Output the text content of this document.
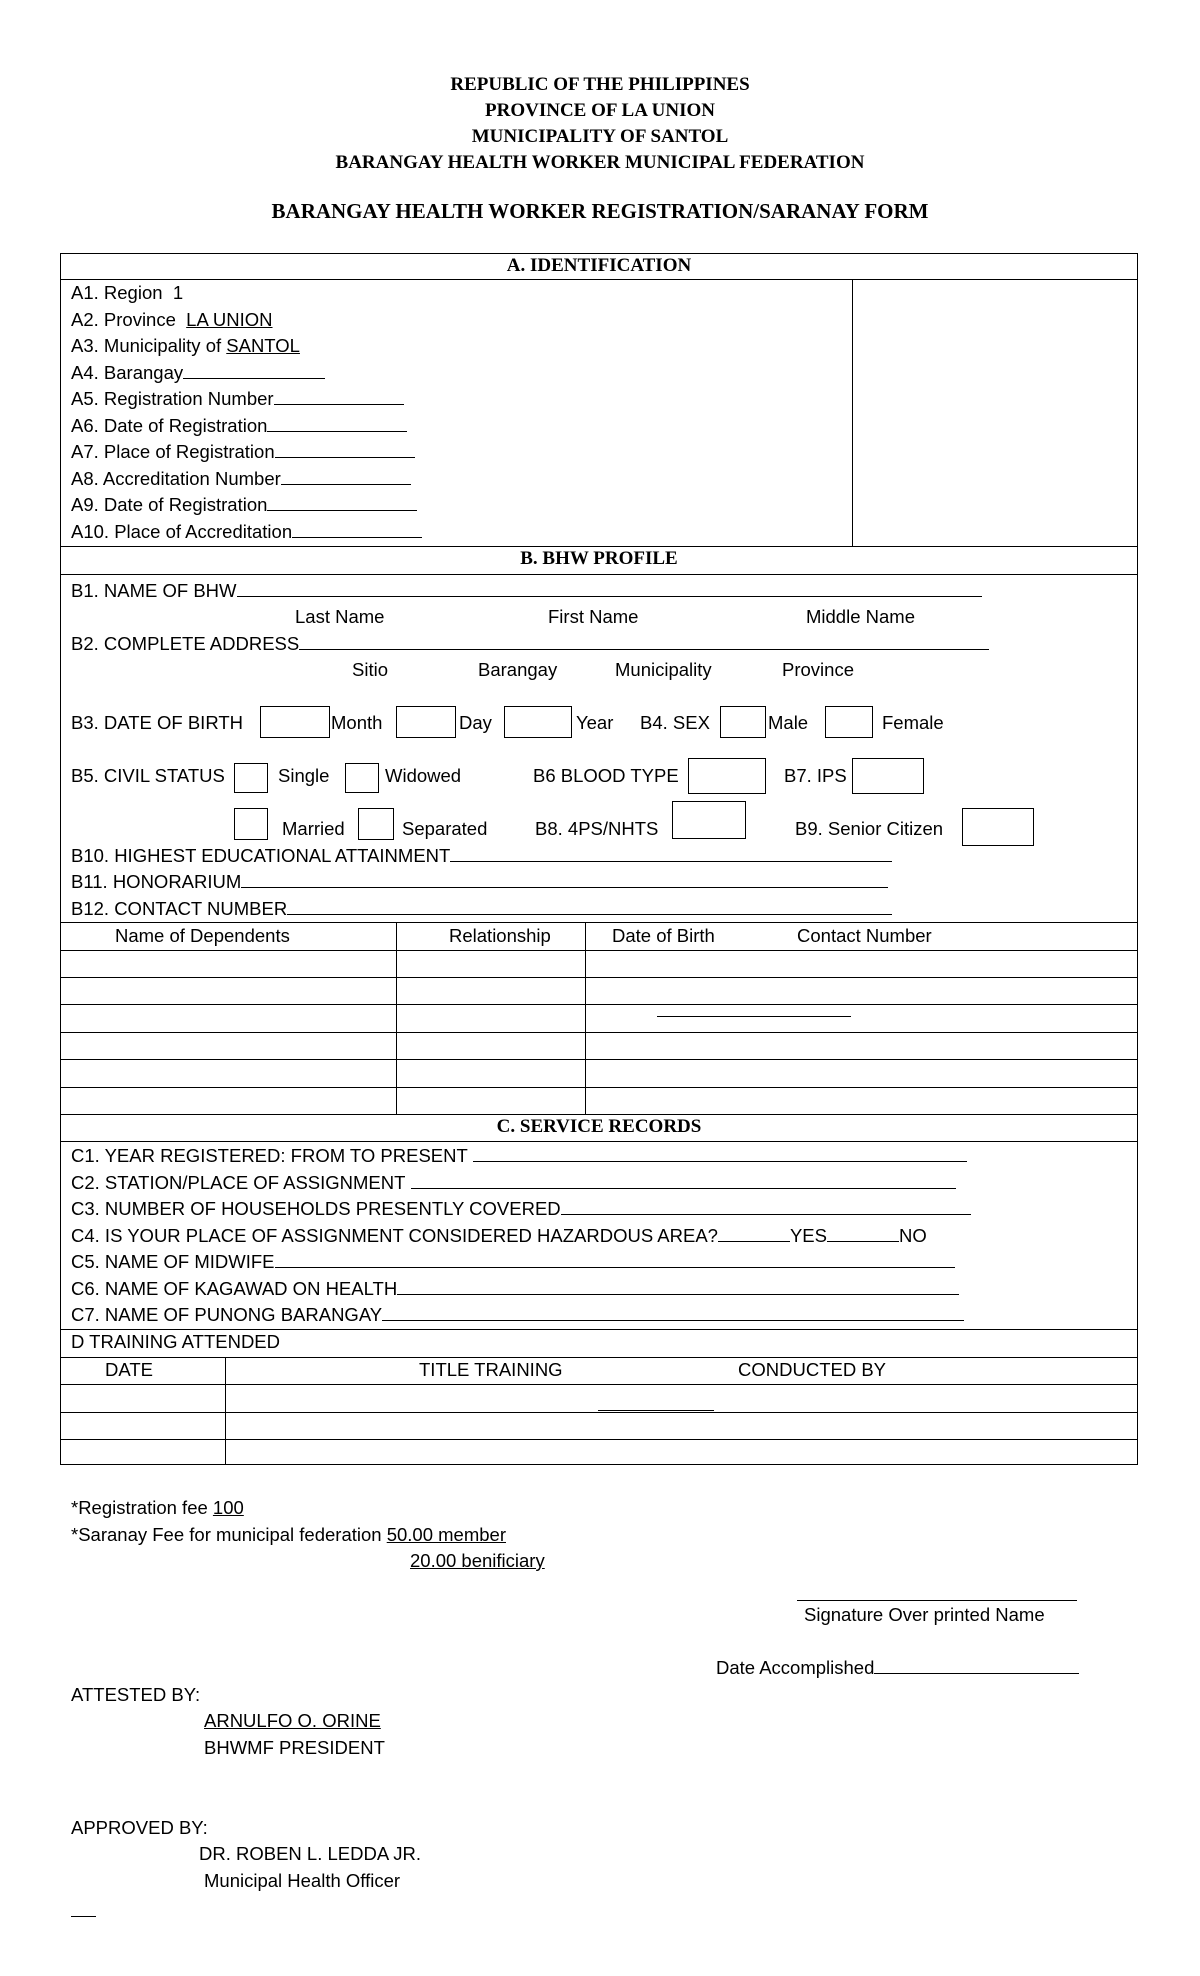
REPUBLIC OF THE PHILIPPINES
PROVINCE OF LA UNION
MUNICIPALITY OF SANTOL
BARANGAY HEALTH WORKER MUNICIPAL FEDERATION
BARANGAY HEALTH WORKER REGISTRATION/SARANAY FORM
A. IDENTIFICATION
A1. Region 1
A2. Province LA UNION
A3. Municipality of SANTOL
A4. Barangay
A5. Registration Number
A6. Date of Registration
A7. Place of Registration
A8. Accreditation Number
A9. Date of Registration
A10. Place of Accreditation
B. BHW PROFILE
B1. NAME OF BHW
Last Name	First Name	Middle Name
B2. COMPLETE ADDRESS
Sitio	Barangay	Municipality	Province
B3. DATE OF BIRTH	Month	Day	Year B4. SEX	Male	Female
B5. CIVIL STATUS	Single	Widowed	B6 BLOOD TYPE	B7. IPS
Married	Separated	B8. 4PS/NHTS	B9. Senior Citizen
B10. HIGHEST EDUCATIONAL ATTAINMENT
B11. HONORARIUM
B12. CONTACT NUMBER
Name of Dependents	Relationship	Date of Birth	Contact Number
C. SERVICE RECORDS
C1. YEAR REGISTERED: FROM TO PRESENT
C2. STATION/PLACE OF ASSIGNMENT
C3. NUMBER OF HOUSEHOLDS PRESENTLY COVERED
C4. IS YOUR PLACE OF ASSIGNMENT CONSIDERED HAZARDOUS AREA?	YES	NO
C5. NAME OF MIDWIFE
C6. NAME OF KAGAWAD ON HEALTH
C7. NAME OF PUNONG BARANGAY
D TRAINING ATTENDED
DATE	TITLE TRAINING	CONDUCTED BY
*Registration fee 100
*Saranay Fee for municipal federation 50.00 member
20.00 benificiary
Signature Over printed Name
Date Accomplished
ATTESTED BY:
ARNULFO O. ORINE
BHWMF PRESIDENT
APPROVED BY:
DR. ROBEN L. LEDDA JR.
Municipal Health Officer
